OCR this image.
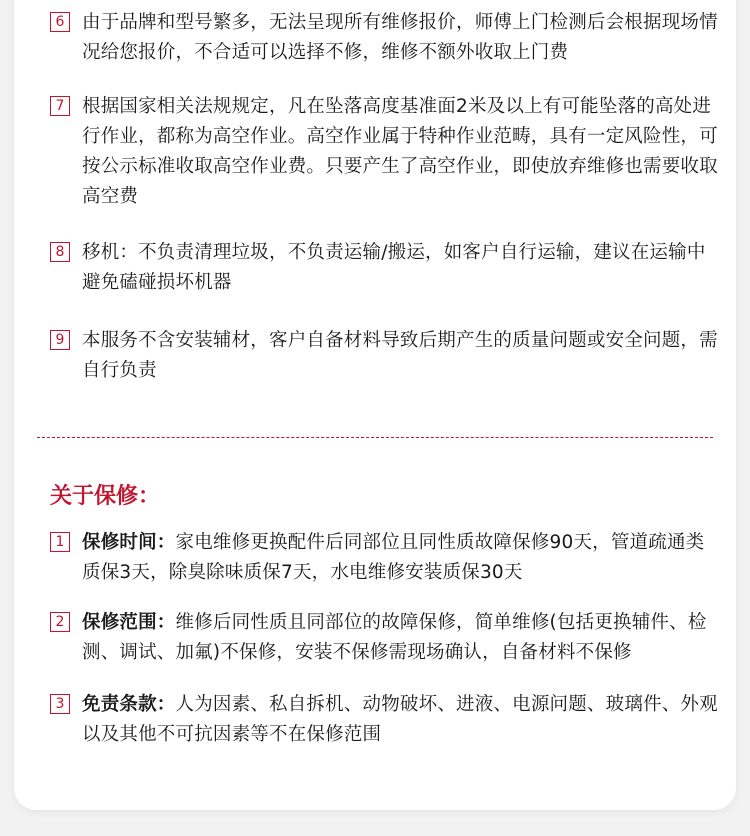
6 由于品牌和型号繁多，无法呈现所有维修报价，师傅上门检测后会根据现场情况给您报价，不合适可以选择不修，维修不额外收取上门费
7 根据国家相关法规规定，凡在坠落高度基准面2米及以上有可能坠落的高处进行作业，都称为高空作业。高空作业属于特种作业范畴，具有一定风险性，可按公示标准收取高空作业费。只要产生了高空作业，即使放弃维修也需要收取高空费
8 移机：不负责清理垃圾，不负责运输/搬运，如客户自行运输，建议在运输中避免磕碰损坏机器
9 本服务不含安装辅材，客户自备材料导致后期产生的质量问题或安全问题，需自行负责
关于保修：
1 保修时间：家电维修更换配件后同部位且同性质故障保修90天，管道疏通类质保3天，除臭除味质保7天，水电维修安装质保30天
2 保修范围：维修后同性质且同部位的故障保修，简单维修(包括更换辅件、检测、调试、加氟)不保修，安装不保修需现场确认，自备材料不保修
3 免责条款：人为因素、私自拆机、动物破坏、进液、电源问题、玻璃件、外观以及其他不可抗因素等不在保修范围
